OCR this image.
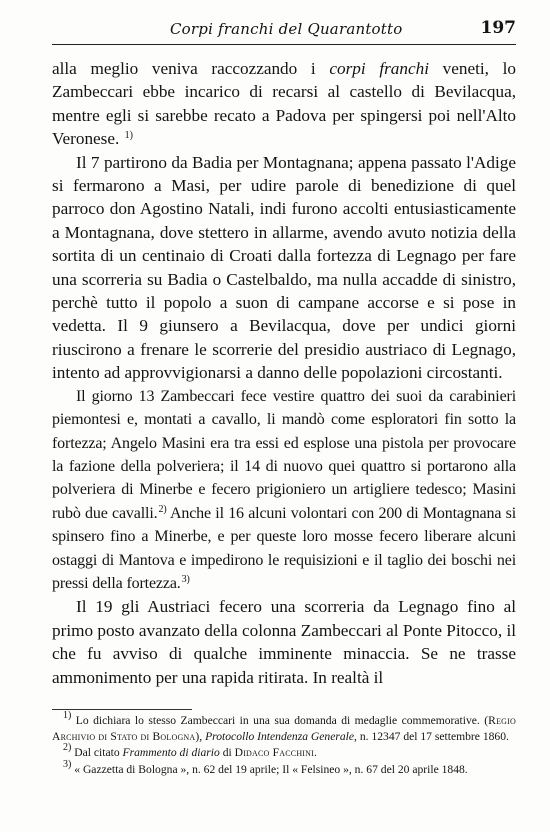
Corpi franchi del Quarantotto	197

alla meglio veniva raccozzando i corpi franchi veneti, lo Zambeccari ebbe incarico di recarsi al castello di Bevilacqua, mentre egli si sarebbe recato a Padova per spingersi poi nell'Alto Veronese. $^{1)}$

Il 7 partirono da Badia per Montagnana; appena passato l'Adige si fermarono a Masi, per udire parole di benedizione di quel parroco don Agostino Natali, indi furono accolti entusiasticamente a Montagnana, dove stettero in allarme, avendo avuto notizia della sortita di un centinaio di Croati dalla fortezza di Legnago per fare una scorreria su Badia o Castelbaldo, ma nulla accadde di sinistro, perchè tutto il popolo a suon di campane accorse e si pose in vedetta. Il 9 giunsero a Bevilacqua, dove per undici giorni riuscirono a frenare le scorrerie del presidio austriaco di Legnago, intento ad approvvigionarsi a danno delle popolazioni circostanti.

Il giorno 13 Zambeccari fece vestire quattro dei suoi da carabinieri piemontesi e, montati a cavallo, li mandò come esploratori fin sotto la fortezza; Angelo Masini era tra essi ed esplose una pistola per provocare la fazione della polveriera; il 14 di nuovo quei quattro si portarono alla polveriera di Minerbe e fecero prigioniero un artigliere tedesco; Masini rubò due cavalli.$^{2)}$ Anche il 16 alcuni volontari con 200 di Montagnana si spinsero fino a Minerbe, e per queste loro mosse fecero liberare alcuni ostaggi di Mantova e impedirono le requisizioni e il taglio dei boschi nei pressi della fortezza.$^{3)}$

Il 19 gli Austriaci fecero una scorreria da Legnago fino al primo posto avanzato della colonna Zambeccari al Ponte Pitocco, il che fu avviso di qualche imminente minaccia. Se ne trasse ammonimento per una rapida ritirata. In realtà il

$^{1)}$ Lo dichiara lo stesso Zambeccari in una sua domanda di medaglie commemorative. (Regio Archivio di Stato di Bologna), Protocollo Intendenza Generale, n. 12347 del 17 settembre 1860.

$^{2)}$ Dal citato Frammento di diario di Didaco Facchini.

$^{3)}$ « Gazzetta di Bologna », n. 62 del 19 aprile; Il « Felsineo », n. 67 del 20 aprile 1848.
